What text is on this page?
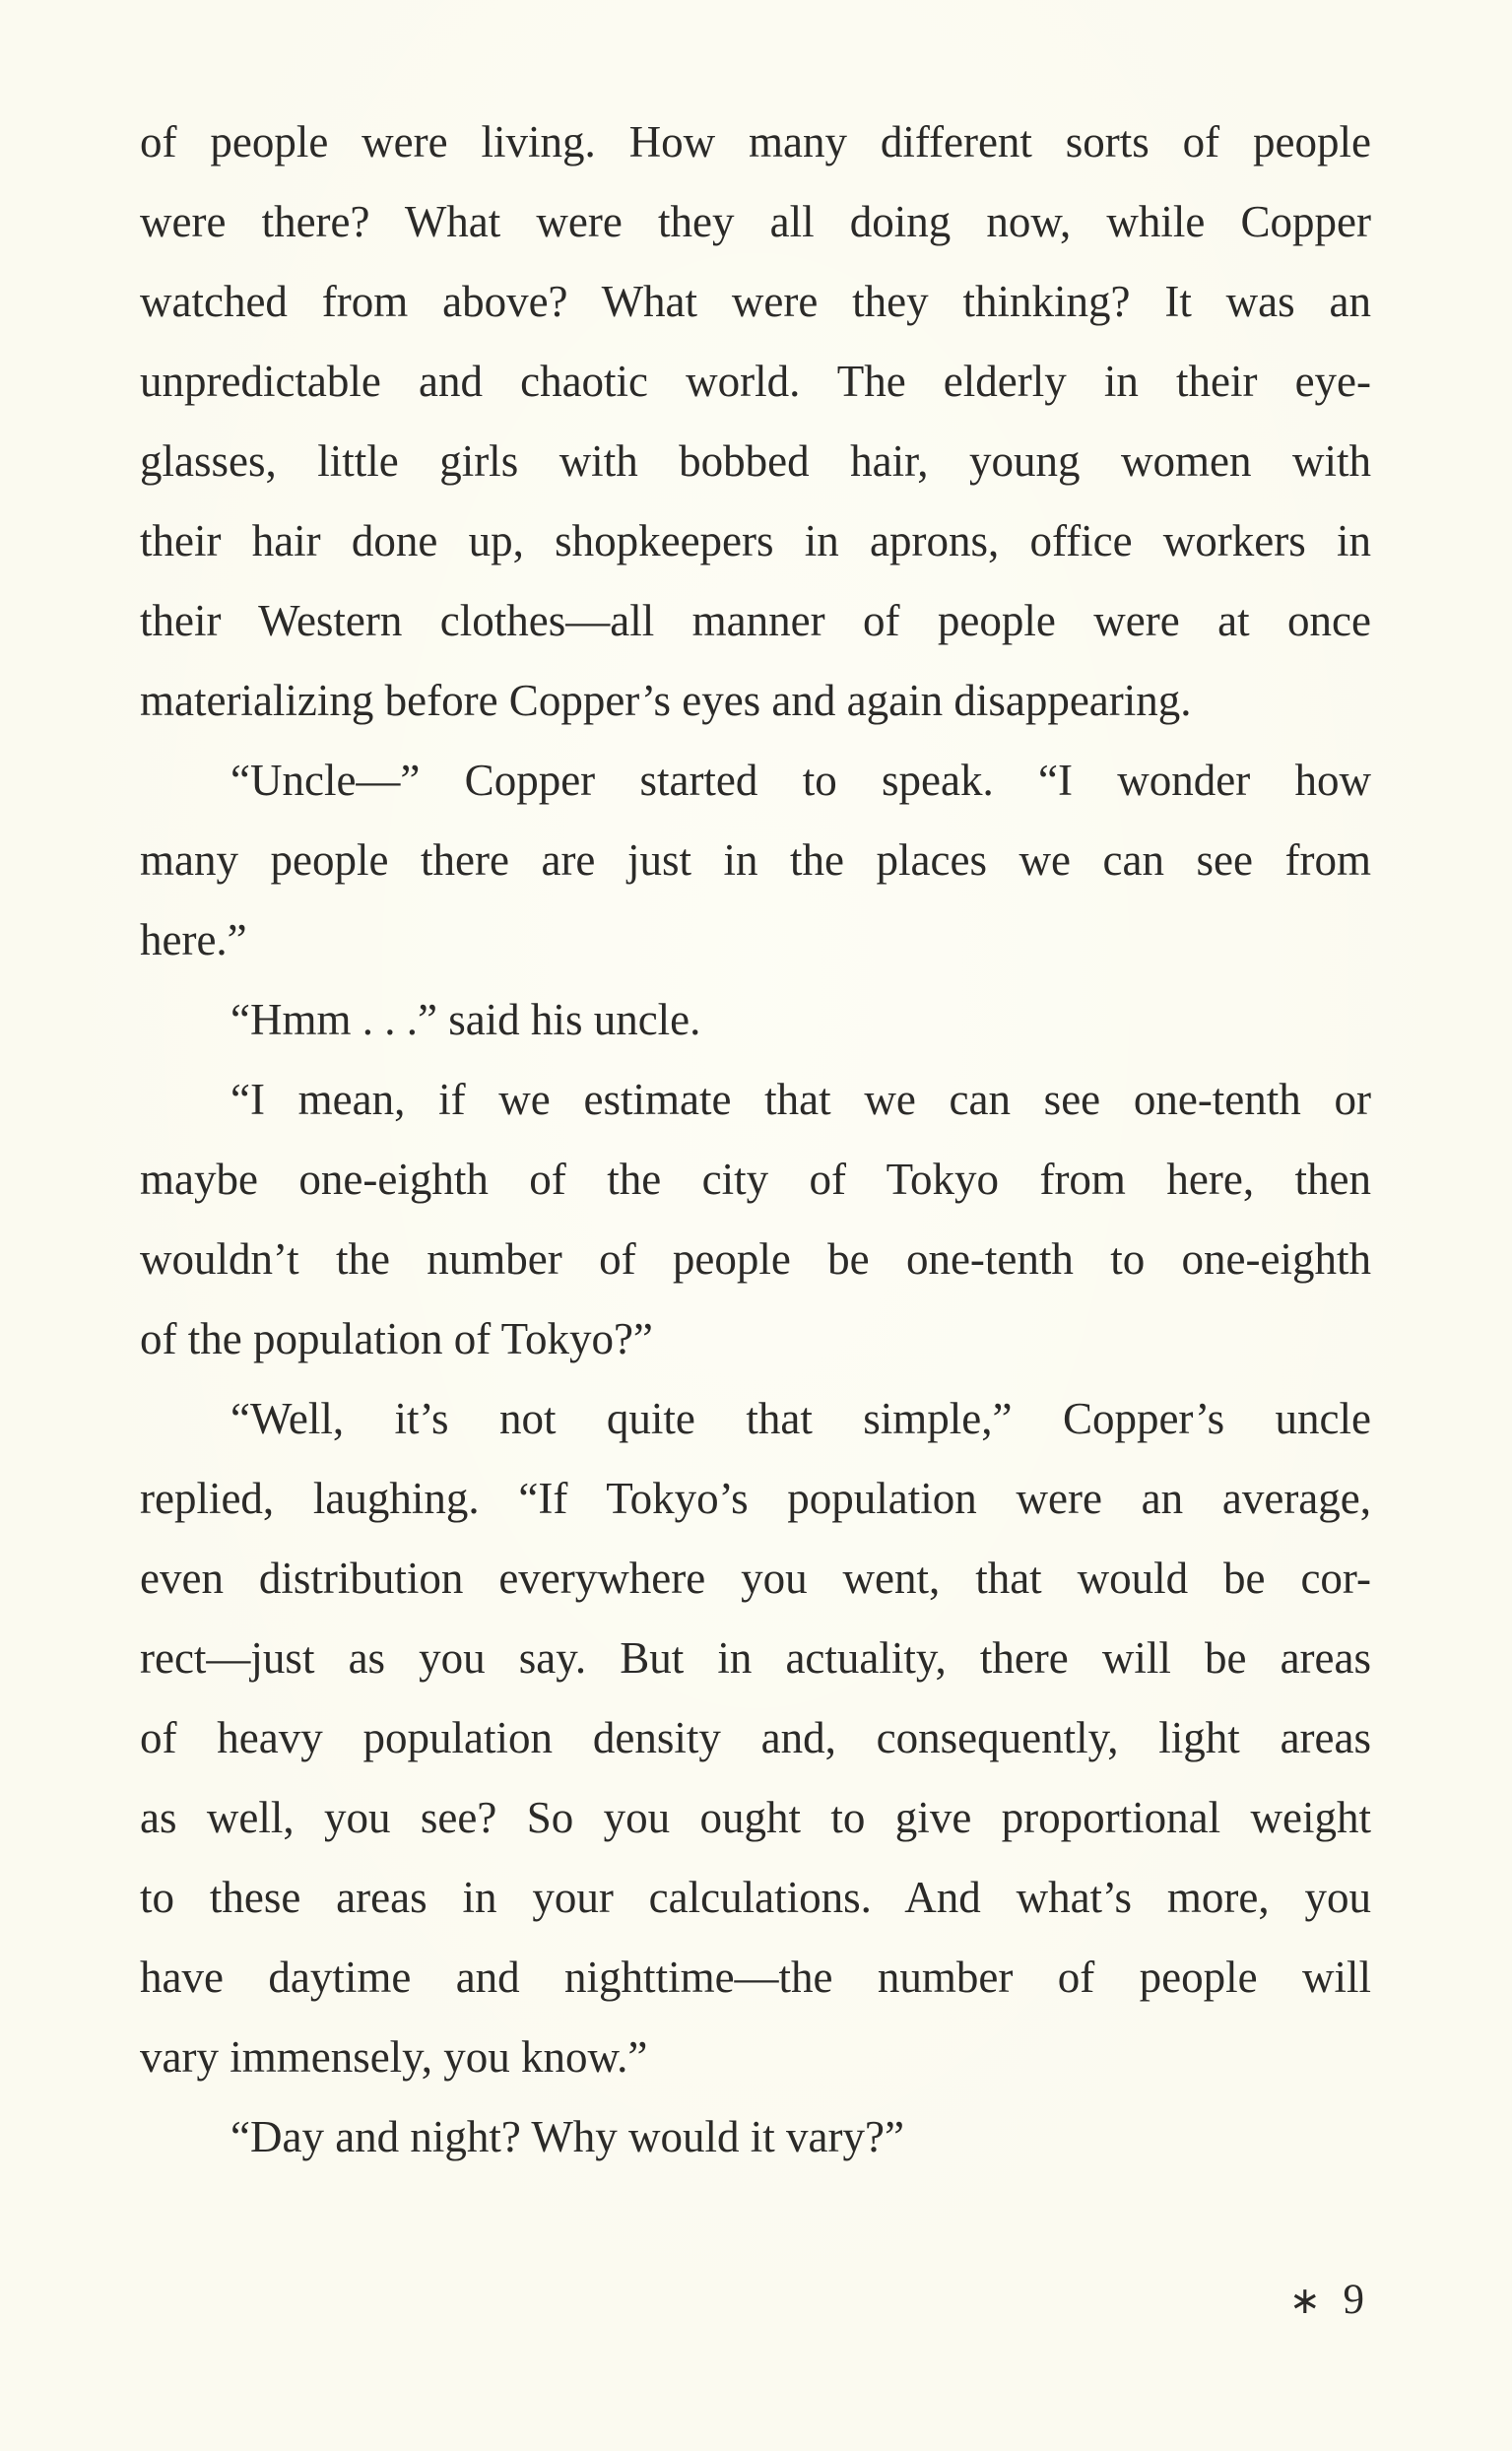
of people were living. How many different sorts of people
were there? What were they all doing now, while Copper
watched from above? What were they thinking? It was an
unpredictable and chaotic world. The elderly in their eye-
glasses, little girls with bobbed hair, young women with
their hair done up, shopkeepers in aprons, office workers in
their Western clothes—all manner of people were at once
materializing before Copper’s eyes and again disappearing.
“Uncle—” Copper started to speak. “I wonder how
many people there are just in the places we can see from
here.”
“Hmm . . .” said his uncle.
“I mean, if we estimate that we can see one-tenth or
maybe one-eighth of the city of Tokyo from here, then
wouldn’t the number of people be one-tenth to one-eighth
of the population of Tokyo?”
“Well, it’s not quite that simple,” Copper’s uncle
replied, laughing. “If Tokyo’s population were an average,
even distribution everywhere you went, that would be cor-
rect—just as you say. But in actuality, there will be areas
of heavy population density and, consequently, light areas
as well, you see? So you ought to give proportional weight
to these areas in your calculations. And what’s more, you
have daytime and nighttime—the number of people will
vary immensely, you know.”
“Day and night? Why would it vary?”
∗ 9
